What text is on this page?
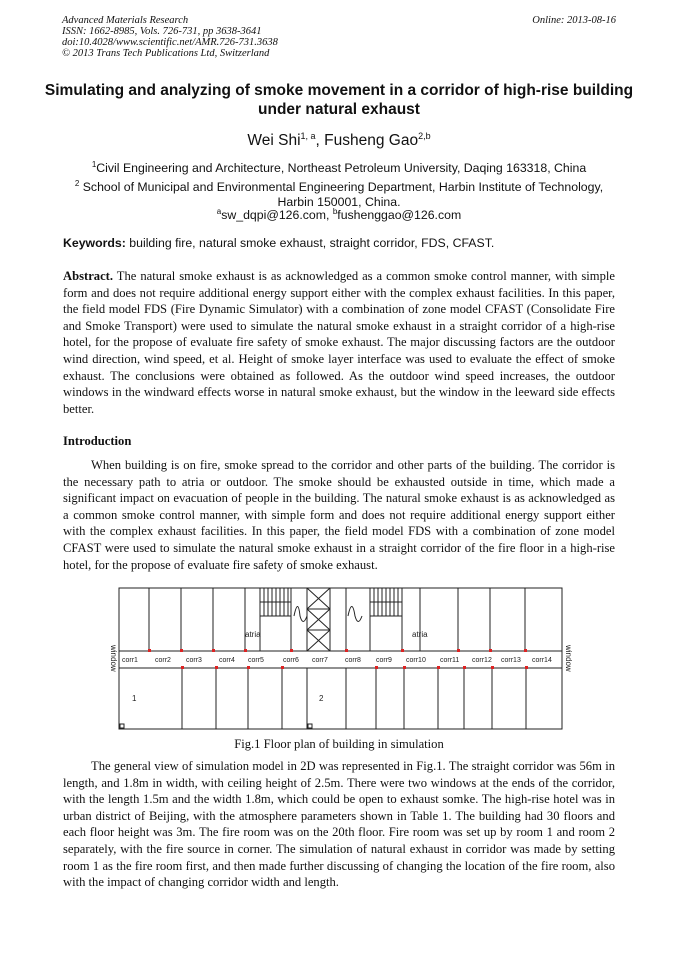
Advanced Materials Research
ISSN: 1662-8985, Vols. 726-731, pp 3638-3641
doi:10.4028/www.scientific.net/AMR.726-731.3638
© 2013 Trans Tech Publications Ltd, Switzerland
Online: 2013-08-16
Simulating and analyzing of smoke movement in a corridor of high-rise building under natural exhaust
Wei Shi$^{1, a}$, Fusheng Gao$^{2,b}$
$^1$Civil Engineering and Architecture, Northeast Petroleum University, Daqing 163318, China
$^2$ School of Municipal and Environmental Engineering Department, Harbin Institute of Technology, Harbin 150001, China.
$^a$sw_dqpi@126.com, $^b$fushenggao@126.com
Keywords: building fire, natural smoke exhaust, straight corridor, FDS, CFAST.
Abstract. The natural smoke exhaust is as acknowledged as a common smoke control manner, with simple form and does not require additional energy support either with the complex exhaust facilities. In this paper, the field model FDS (Fire Dynamic Simulator) with a combination of zone model CFAST (Consolidate Fire and Smoke Transport) were used to simulate the natural smoke exhaust in a straight corridor of a high-rise hotel, for the propose of evaluate fire safety of smoke exhaust. The major discussing factors are the outdoor wind direction, wind speed, et al. Height of smoke layer interface was used to evaluate the effect of smoke exhaust. The conclusions were obtained as followed. As the outdoor wind speed increases, the outdoor windows in the windward effects worse in natural smoke exhaust, but the window in the leeward side effects better.
Introduction
When building is on fire, smoke spread to the corridor and other parts of the building. The corridor is the necessary path to atria or outdoor. The smoke should be exhausted outside in time, which made a significant impact on evacuation of people in the building. The natural smoke exhaust is as acknowledged as a common smoke control manner, with simple form and does not require additional energy support either with the complex exhaust facilities. In this paper, the field model FDS with a combination of zone model CFAST were used to simulate the natural smoke exhaust in a straight corridor of the fire floor in a high-rise hotel, for the propose of evaluate fire safety of smoke exhaust.
atria	atria
1	2
window	window
corr1 corr2 corr3 corr4 corr5	corr6 corr7 corr8 corr9 corr10 corr11 corr12 corr13 corr14
Fig.1 Floor plan of building in simulation
The general view of simulation model in 2D was represented in Fig.1. The straight corridor was 56m in length, and 1.8m in width, with ceiling height of 2.5m. There were two windows at the ends of the corridor, with the length 1.5m and the width 1.8m, which could be open to exhaust somke. The high-rise hotel was in urban district of Beijing, with the atmosphere parameters shown in Table 1. The building had 30 floors and each floor height was 3m. The fire room was on the 20th floor. Fire room was set up by room 1 and room 2 separately, with the fire source in corner. The simulation of natural exhaust in corridor was made by setting room 1 as the fire room first, and then made further discussing of changing the location of the fire room, also with the impact of changing corridor width and length.
